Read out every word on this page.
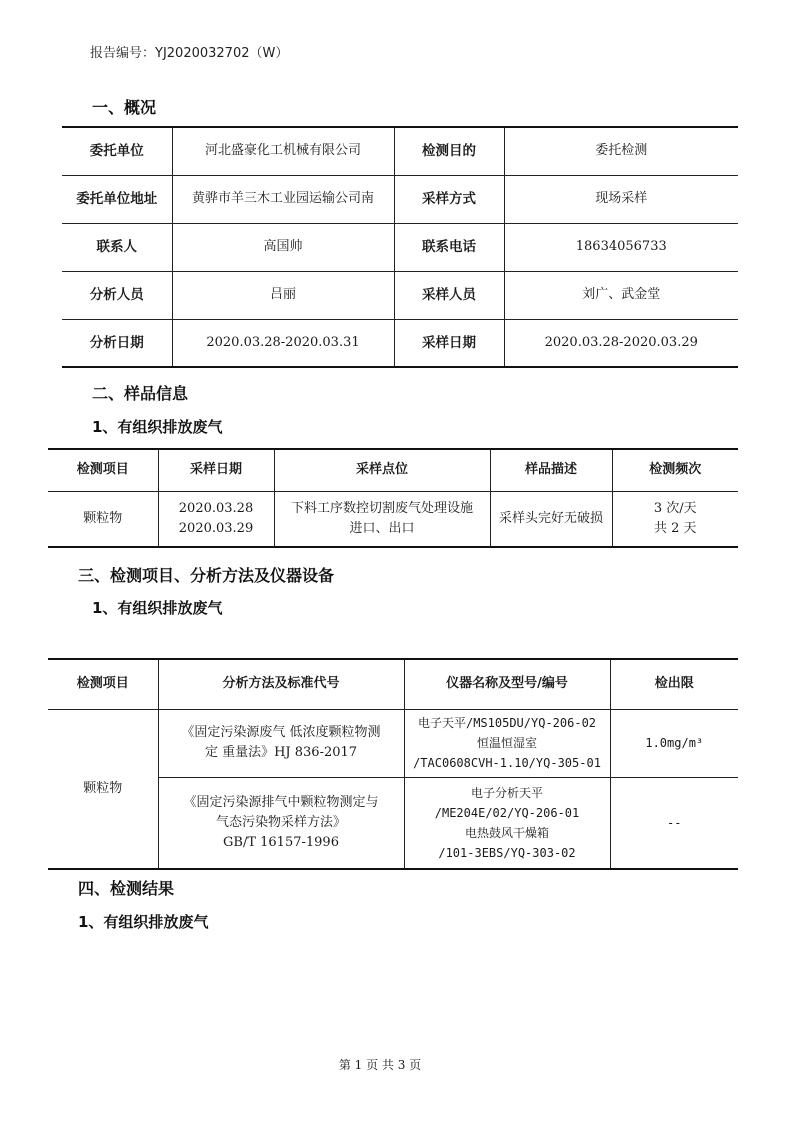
报告编号：YJ2020032702（W）
一、概况
委托单位	河北盛豪化工机械有限公司	检测目的	委托检测
委托单位地址	黄骅市羊三木工业园运输公司南	采样方式	现场采样
联系人	高国帅	联系电话	18634056733
分析人员	吕丽	采样人员	刘广、武金堂
分析日期	2020.03.28-2020.03.31	采样日期	2020.03.28-2020.03.29
二、样品信息
1、有组织排放废气
检测项目	采样日期	采样点位	样品描述	检测频次
颗粒物	2020.03.28
2020.03.29	下料工序数控切割废气处理设施
进口、出口	采样头完好无破损	3 次/天
共 2 天
三、检测项目、分析方法及仪器设备
1、有组织排放废气
检测项目	分析方法及标准代号	仪器名称及型号/编号	检出限
颗粒物	《固定污染源废气 低浓度颗粒物测
定 重量法》HJ 836-2017	电子天平/MS105DU/YQ-206-02
恒温恒湿室
/TAC0608CVH-1.10/YQ-305-01	1.0mg/m³

	《固定污染源排气中颗粒物测定与
气态污染物采样方法》
GB/T 16157-1996	电子分析天平
/ME204E/02/YQ-206-01
电热鼓风干燥箱
/101-3EBS/YQ-303-02	--
四、检测结果
1、有组织排放废气
第 1 页 共 3 页
